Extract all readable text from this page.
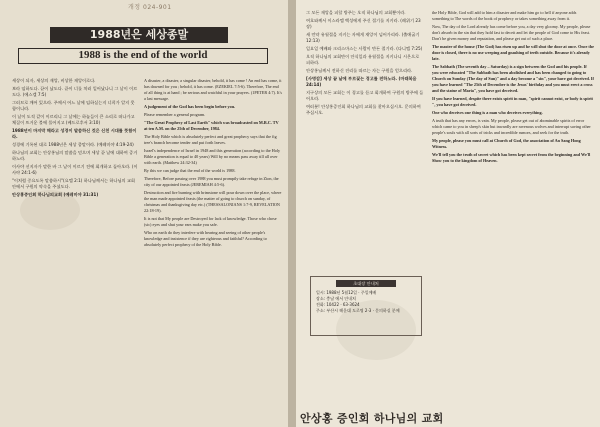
개정 024-901
1988년은 세상종말
1988 is the end of the world

세상이 되자, 세상의 재앙, 비상한 재앙이로다.

보라 임하도다. 끝이 났도다. 끝이 너를 치러 일어났나니 그 날이 이르도다. (에스겔 7:5)

그러므로 깨어 있으라. 주께서 어느 날에 임하실는지 너희가 알지 못함이니라.

이 날이 도적 같이 이르리니 그 날에는 하늘들이 큰 소리로 떠나가고 체질이 뜨거운 불에 풀어지고 (베드로후서 3:10)

1988년이 마지막 해라고 성경이 말씀하신 것은 신천 시대를 뜻함이라.

성경에 기록된 대로 1988년은 세상 종말이라. (예레미야 4:19-24)

하나님의 교회는 안상홍님의 말씀을 믿으며 세상 끝 날에 대하여 증거하노라.

이사야 선지자가 말한 바 그 날이 이르기 전에 회개하고 돌아오라. (이사야 24:1-6)

"이처럼 중요도록 말씀하시"(요엘 2:1) 하나님께서는 하나님의 교회 안에서 구원의 약속을 주셨도다.

안상홍증인회 하나님의교회 (예레미야 31:31)

A disaster, a disaster, a singular disaster, behold, it has come ! An end has come, it has dawned for you ; behold, it has come. (EZEKIEL 7:5-6). Therefore, The end of all thing is at hand ; be serious and watchful in your prayers. (1PETER 4:7). It's a last message.

A judgement of the God has been begin before you.

Please remember a general program.

"The Great Prophecy of Last Earth" which was broadcasted on M.B.C. TV at ten A.M. on the 25th of December, 1984.

The Holy Bible which is absolutely perfect and great prophecy says that the fig tree's branch become tender and put forth leaves.

Israel's independence of Israel in 1948 and this generation (according to the Holy Bible a generation is equal to 40 years) Will by no means pass away till all over with earth. (Matthew 24:32-34)

By this we can judge that the end of the world is 1988.

Therefore, Before passing over 1988 you must promptly take refuge in Zion, the city of our appointed feasts (JEREMIAH 4:5-6).

Destruction and fire burning with brimstone will pour down over the place, where the man made appointed feasts (the matter of going to church on sunday, of christmas and thanksgiving day etc.) (THESSALONIANS 1:7-9, REVELATION 22:18-19).

It is not that My people are Destroyed for lack of knowledge. Those who chose (sic) eyes and shut your ears make you safe.

Who on earth do they interfere with hearing and seeing of other people's knowledge and insistence if they are righteous and faithful? According to absolutely perfect prophecy of the Holy Bible.

그 모든 재앙을 피할 방주는 오직 하나님의 교회뿐이라.

여호와께서 이스라엘 백성에게 주신 절기를 지키라. (레위기 23장)

새 언약 유월절을 지키는 자에게 재앙이 넘어가리라. (출애굽기 12:13)

일요일 예배와 크리스마스는 사람이 만든 절기라. (다니엘 7:25)

오직 하나님의 교회만이 안식일과 유월절을 지키나니 시온으로 피하라.

안상홍님께서 전하신 진리를 따르는 자는 구원을 얻으리라.

[사명감] 세상 끝 날에 부르짖는 경고를 전하노라. (마태복음 24:14)

지구상의 모든 교회는 이 경고를 듣고 회개하여 구원의 방주에 들어오라.

여러분! 안상홍증인회 하나님의 교회를 찾아오십시오. 문의하여 주십시오.

초대장 안내처
일시: 1988년 5월12일 · 주일예배
장소: 충남 에서 안내처
전화: 10422 · 63-3624
주소: 부산시 해운대 도로명 2·3 · 문의하실 분께
안상홍 증인회 하나님의 교회

the Holy Bible, God will add to him a disaster and make him go to hell if anyone adds something to The words of the book of prophecy or takes something away from it.

Now, The day of the Lord already has come before you, a day very gloomy. My people, please don't absorb in the sin that they hold fast to deceit and let the people of God come to His feast. Don't be given money and reputation, and please get out of such a place.

The master of the house (The God) has risen up and he will shut the door at once. Once the door is closed, there is no use weeping and gnashing of teeth outside. Because it's already late.

The Sabbath (The seventh day – Saturday) is a sign between the God and his people. If you were educated "The Sabbath has been abolished and has been changed to going to Church on Sunday (The day of Sun)" and a day become a "sin", your have got deceived. If you have learned "The 25th of December is the Jesus' birthday and you must erect a cross and the statue of Maria", you have got deceived.

If you have learned, despite there exists spirit in man, "spirit cannot exist, or body is spirit ", you have got deceived.

One who deceives one thing is a man who deceives everything.

A truth that has any errors, is vain. My people, please get out of abominable spirits of error which came to you in sheep's skin but inwardly are ravenous wolves and interrupt saving other people's souls with all sorts of tricks and incredible rumors, and seek for the truth.

My people, please you must call at Church of God, the association of An Sang Hong Witness.

We'll tell you the truth of secret which has been kept secret from the beginning and We'll Show you to the kingdom of Heaven.
